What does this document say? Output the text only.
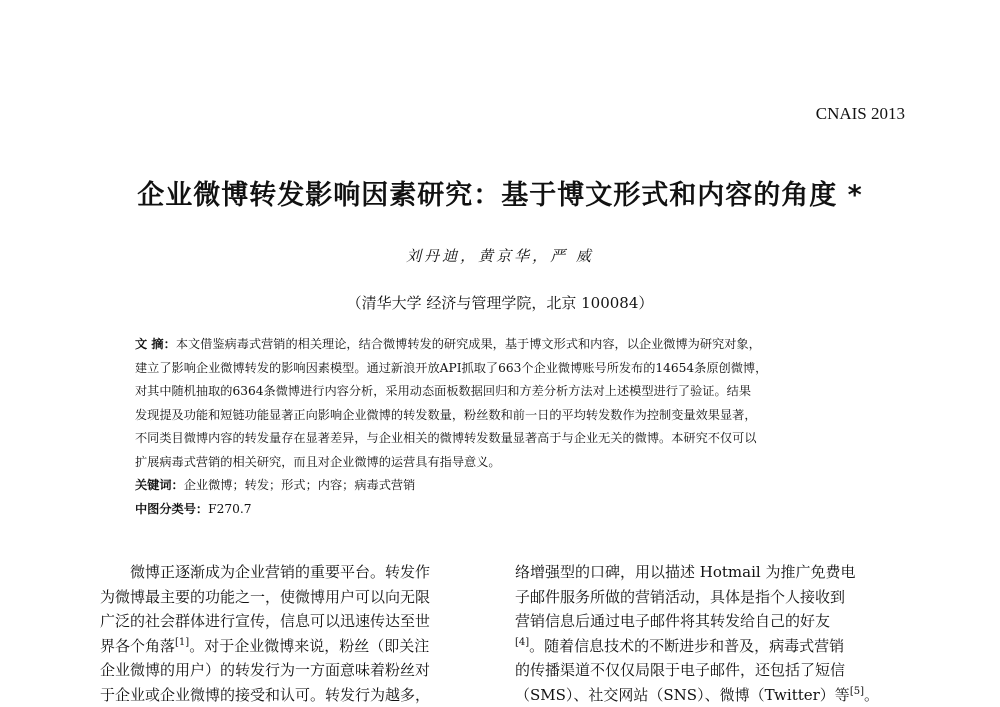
CNAIS 2013
企业微博转发影响因素研究：基于博文形式和内容的角度 *
刘丹迪，黄京华，严 威
（清华大学 经济与管理学院，北京 100084）
文 摘：本文借鉴病毒式营销的相关理论，结合微博转发的研究成果，基于博文形式和内容，以企业微博为研究对象，
建立了影响企业微博转发的影响因素模型。通过新浪开放API抓取了663个企业微博账号所发布的14654条原创微博，
对其中随机抽取的6364条微博进行内容分析，采用动态面板数据回归和方差分析方法对上述模型进行了验证。结果
发现提及功能和短链功能显著正向影响企业微博的转发数量，粉丝数和前一日的平均转发数作为控制变量效果显著，
不同类目微博内容的转发量存在显著差异，与企业相关的微博转发数量显著高于与企业无关的微博。本研究不仅可以
扩展病毒式营销的相关研究，而且对企业微博的运营具有指导意义。
关键词：企业微博；转发；形式；内容；病毒式营销
中图分类号：F270.7
微博正逐渐成为企业营销的重要平台。转发作
为微博最主要的功能之一，使微博用户可以向无限
广泛的社会群体进行宣传，信息可以迅速传达至世
界各个角落[1]。对于企业微博来说，粉丝（即关注
企业微博的用户）的转发行为一方面意味着粉丝对
于企业或企业微博的接受和认可。转发行为越多，
络增强型的口碑，用以描述 Hotmail 为推广免费电
子邮件服务所做的营销活动，具体是指个人接收到
营销信息后通过电子邮件将其转发给自己的好友
[4]。随着信息技术的不断进步和普及，病毒式营销
的传播渠道不仅仅局限于电子邮件，还包括了短信
（SMS）、社交网站（SNS）、微博（Twitter）等[5]。
